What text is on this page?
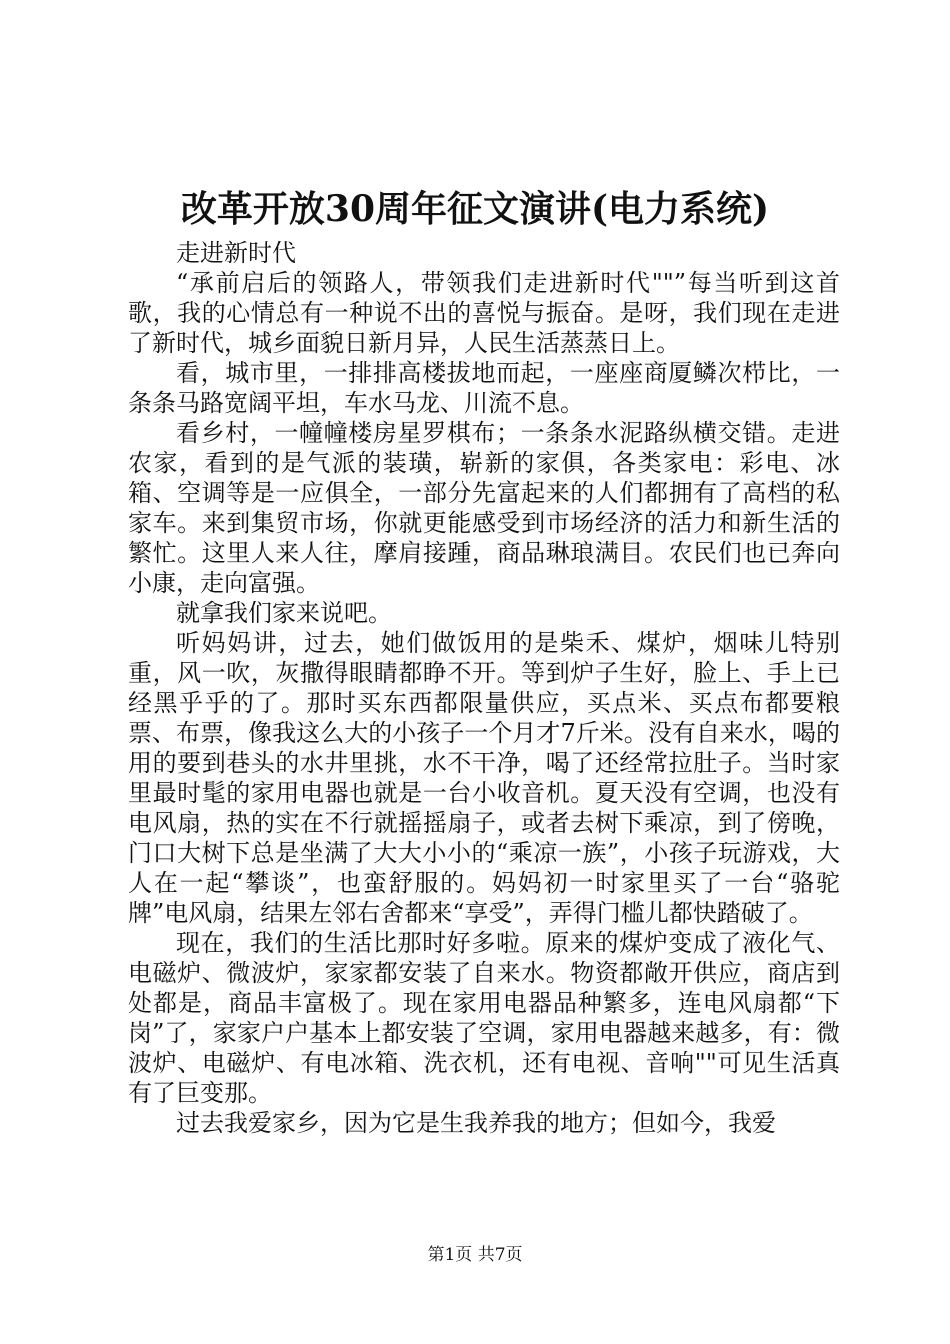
改革开放30周年征文演讲(电力系统)

走进新时代

“承前启后的领路人，带领我们走进新时代""”每当听到这首歌，我的心情总有一种说不出的喜悦与振奋。是呀，我们现在走进了新时代，城乡面貌日新月异，人民生活蒸蒸日上。

看，城市里，一排排高楼拔地而起，一座座商厦鳞次栉比，一条条马路宽阔平坦，车水马龙、川流不息。

看乡村，一幢幢楼房星罗棋布；一条条水泥路纵横交错。走进农家，看到的是气派的装璜，崭新的家俱，各类家电：彩电、冰箱、空调等是一应俱全，一部分先富起来的人们都拥有了高档的私家车。来到集贸市场，你就更能感受到市场经济的活力和新生活的繁忙。这里人来人往，摩肩接踵，商品琳琅满目。农民们也已奔向小康，走向富强。

就拿我们家来说吧。

听妈妈讲，过去，她们做饭用的是柴禾、煤炉，烟味儿特别重，风一吹，灰撒得眼睛都睁不开。等到炉子生好，脸上、手上已经黑乎乎的了。那时买东西都限量供应，买点米、买点布都要粮票、布票，像我这么大的小孩子一个月才7斤米。没有自来水，喝的用的要到巷头的水井里挑，水不干净，喝了还经常拉肚子。当时家里最时髦的家用电器也就是一台小收音机。夏天没有空调，也没有电风扇，热的实在不行就摇摇扇子，或者去树下乘凉，到了傍晚，门口大树下总是坐满了大大小小的“乘凉一族”，小孩子玩游戏，大人在一起“攀谈”，也蛮舒服的。妈妈初一时家里买了一台“骆驼牌”电风扇，结果左邻右舍都来“享受”，弄得门槛儿都快踏破了。

现在，我们的生活比那时好多啦。原来的煤炉变成了液化气、电磁炉、微波炉，家家都安装了自来水。物资都敞开供应，商店到处都是，商品丰富极了。现在家用电器品种繁多，连电风扇都“下岗”了，家家户户基本上都安装了空调，家用电器越来越多，有：微波炉、电磁炉、有电冰箱、洗衣机，还有电视、音响""可见生活真有了巨变那。

过去我爱家乡，因为它是生我养我的地方；但如今，我爱

第1页 共7页
